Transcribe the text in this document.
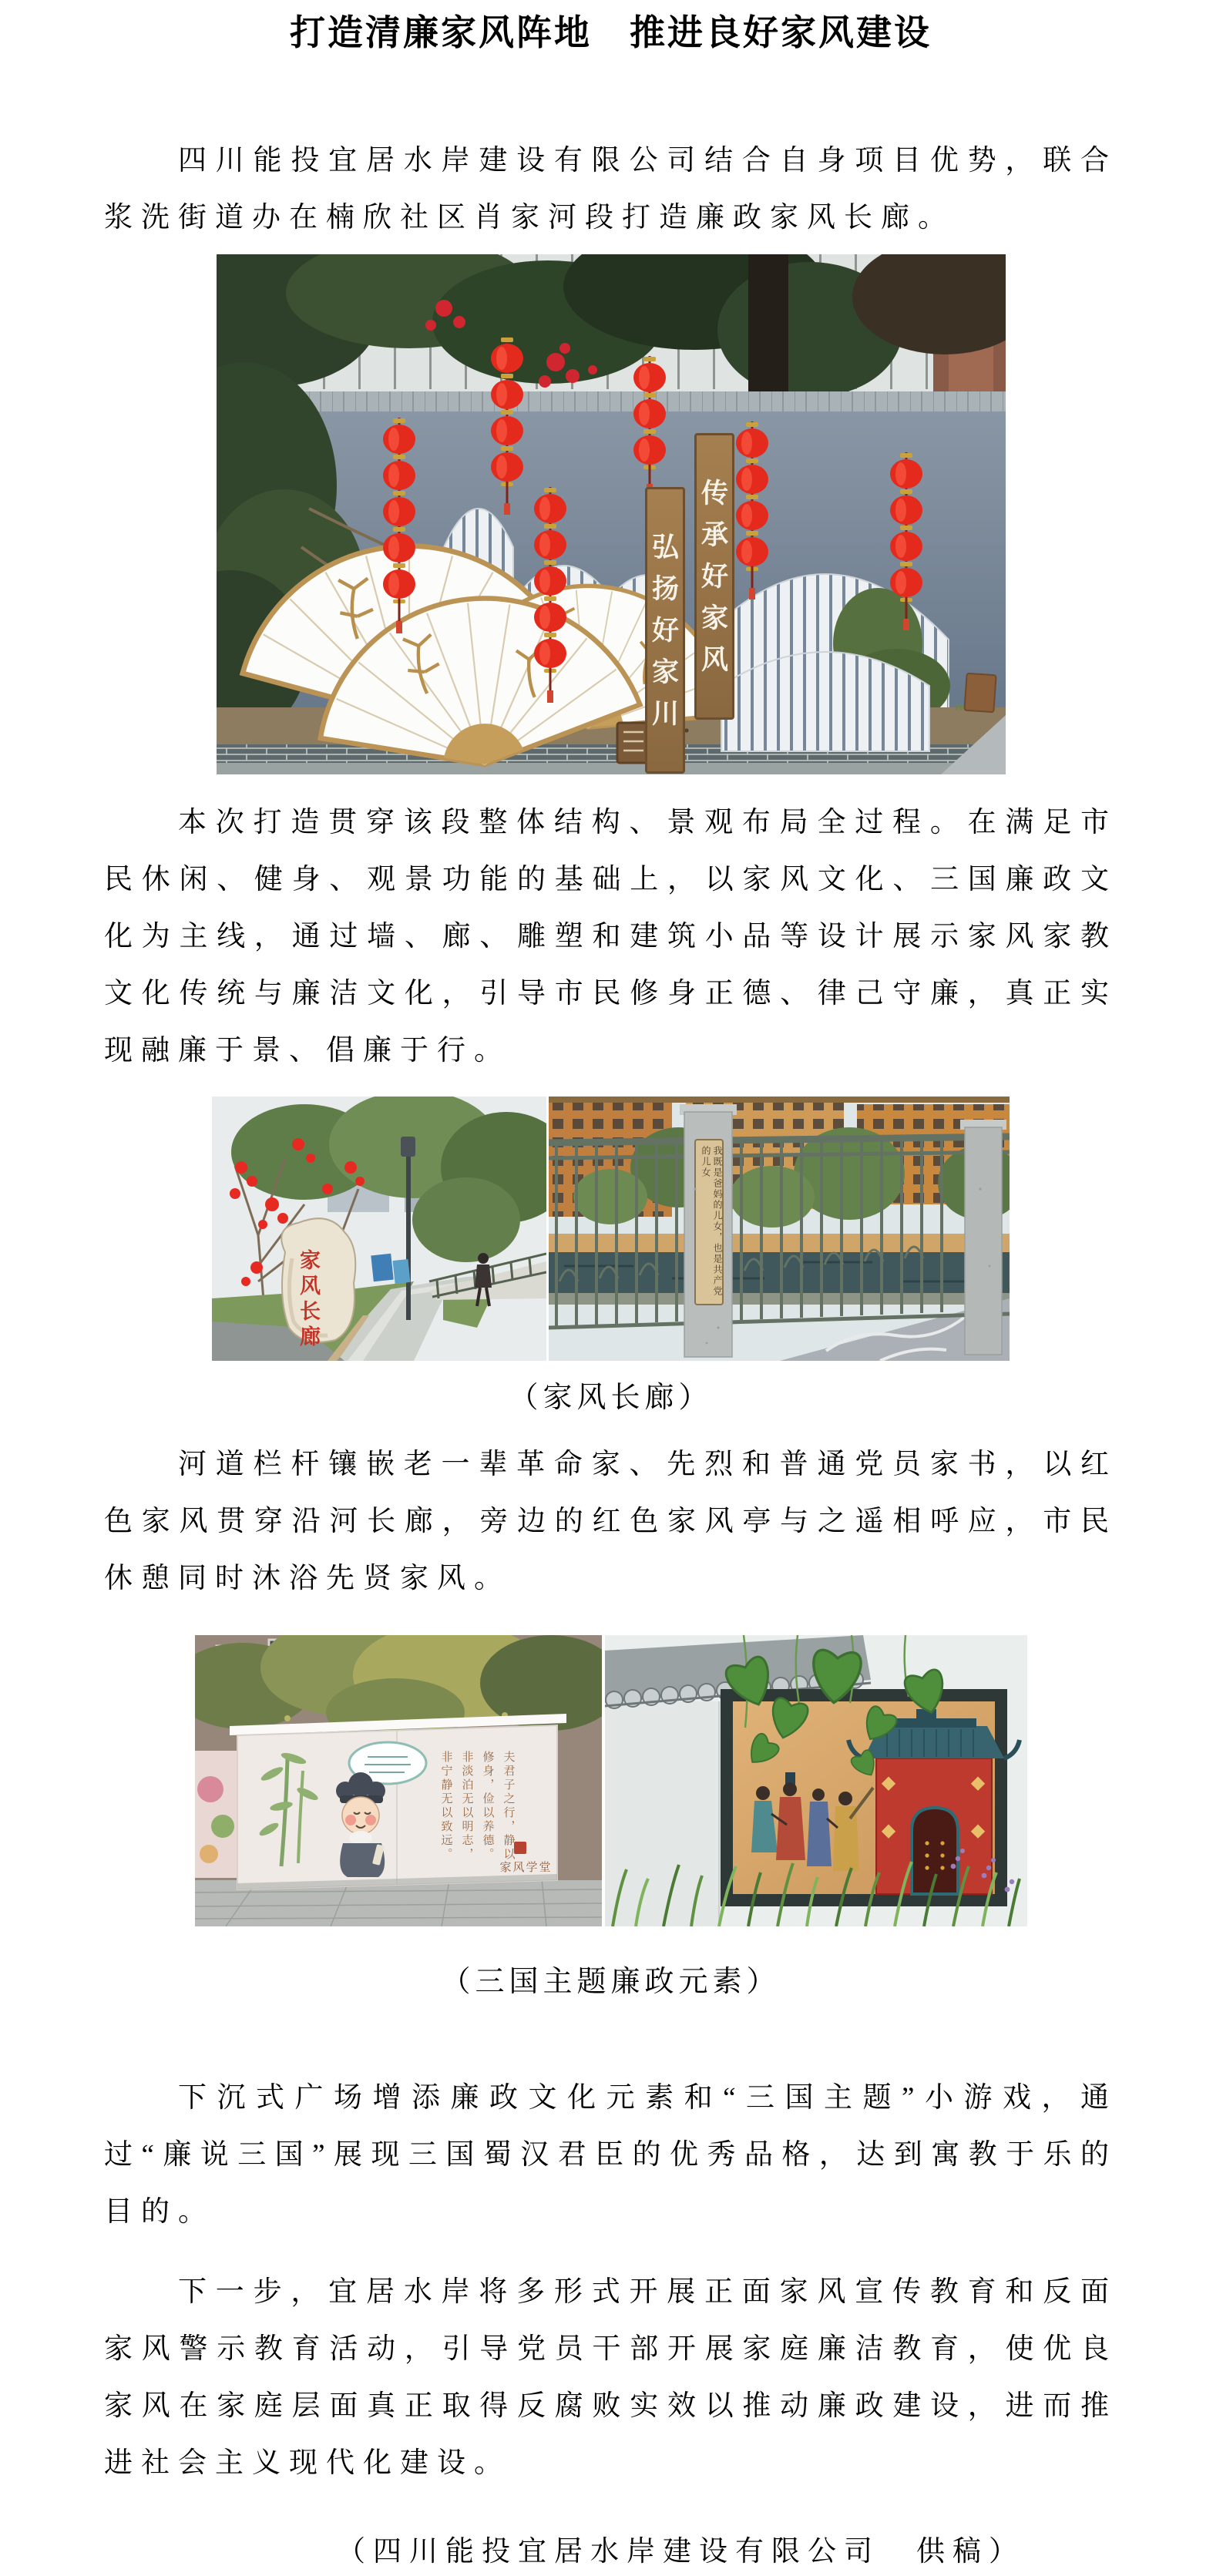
打造清廉家风阵地　推进良好家风建设

四川能投宜居水岸建设有限公司结合自身项目优势，联合浆洗街道办在楠欣社区肖家河段打造廉政家风长廊。

传承好家风
弘扬好家川

本次打造贯穿该段整体结构、景观布局全过程。在满足市民休闲、健身、观景功能的基础上，以家风文化、三国廉政文化为主线，通过墙、廊、雕塑和建筑小品等设计展示家风家教文化传统与廉洁文化，引导市民修身正德、律己守廉，真正实现融廉于景、倡廉于行。

家风长廊
我既是爸妈的儿女，也是共产党的儿女

（家风长廊）

河道栏杆镶嵌老一辈革命家、先烈和普通党员家书，以红色家风贯穿沿河长廊，旁边的红色家风亭与之遥相呼应，市民休憩同时沐浴先贤家风。

夫君子之行，静以修身，俭以养德。非淡泊无以明志，非宁静无以致远。
家风学堂

（三国主题廉政元素）

下沉式广场增添廉政文化元素和“三国主题”小游戏，通过“廉说三国”展现三国蜀汉君臣的优秀品格，达到寓教于乐的目的。

下一步，宜居水岸将多形式开展正面家风宣传教育和反面家风警示教育活动，引导党员干部开展家庭廉洁教育，使优良家风在家庭层面真正取得反腐败实效以推动廉政建设，进而推进社会主义现代化建设。

（四川能投宜居水岸建设有限公司　供稿）
